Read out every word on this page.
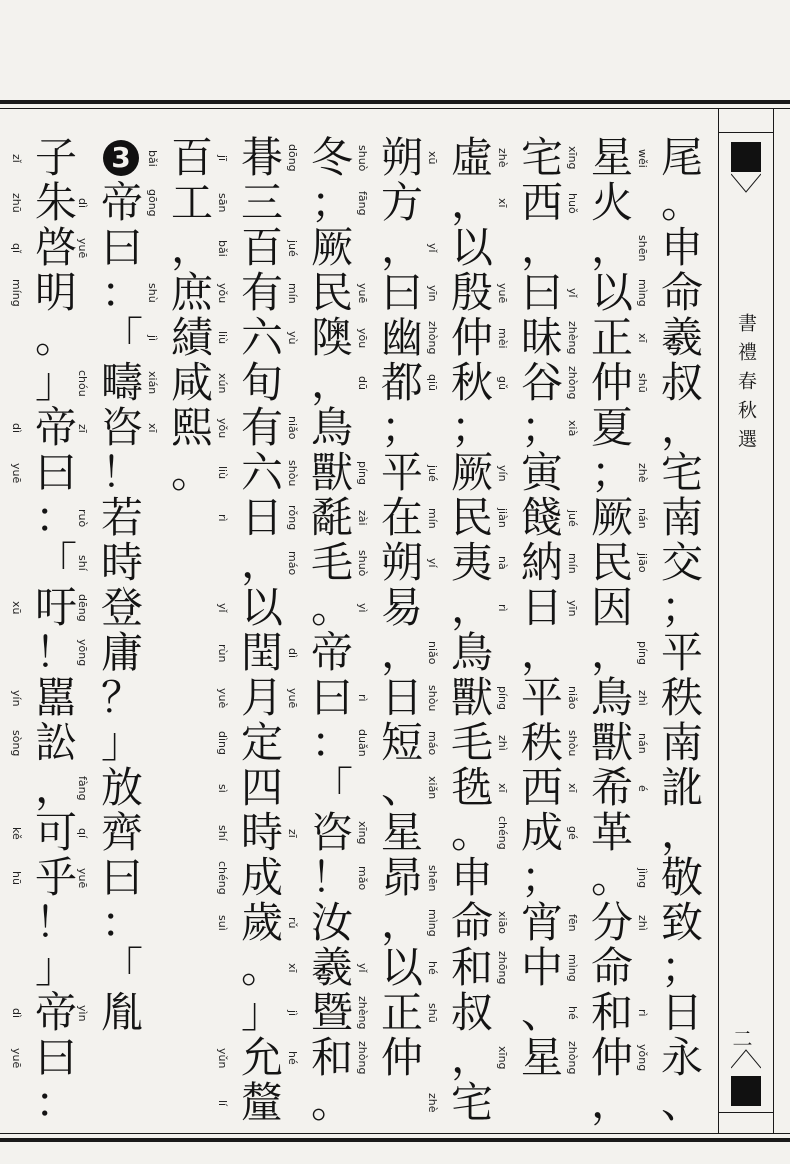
書禮春秋選
二
尾
wěi
。
申
shēn
命
mìng
羲
xī
叔
shū
，
宅
zhè
南
nán
交
jiāo
；
平
píng
秩
zhì
南
nán
訛
é
，
敬
jìng
致
zhì
；
日
rì
永
yǒng
、
星
xīng
火
huǒ
，
以
yǐ
正
zhèng
仲
zhòng
夏
xià
；
厥
jué
民
mín
因
yīn
，
鳥
niǎo
獸
shòu
希
xī
革
gé
。
分
fēn
命
mìng
和
hé
仲
zhòng
，
宅
zhè
西
xī
，
曰
yuē
昧
mèi
谷
gǔ
；
寅
yín
餞
jiàn
納
nà
日
rì
，
平
píng
秩
zhì
西
xī
成
chéng
；
宵
xiāo
中
zhōng
、
星
xīng
虛
xū
，
以
yǐ
殷
yīn
仲
zhòng
秋
qiū
；
厥
jué
民
mín
夷
yí
，
鳥
niǎo
獸
shòu
毛
máo
毨
xiǎn
。
申
shēn
命
mìng
和
hé
叔
shū
，
宅
zhè
朔
shuò
方
fāng
，
曰
yuē
幽
yōu
都
dū
；
平
píng
在
zài
朔
shuò
易
yì
，
日
rì
短
duǎn
、
星
xīng
昴
mǎo
，
以
yǐ
正
zhèng
仲
zhòng
冬
dōng
；
厥
jué
民
mín
隩
yù
，
鳥
niǎo
獸
shòu
氄
rǒng
毛
máo
。
帝
dì
曰
yuē
：
「
咨
zī
！
汝
rǔ
羲
xī
暨
jì
和
hé
。
朞
jī
三
sān
百
bǎi
有
yǒu
六
liù
旬
xún
有
yǒu
六
liù
日
rì
，
以
yǐ
閏
rùn
月
yuè
定
dìng
四
sì
時
shí
成
chéng
歲
suì
。
」
允
yǔn
釐
lí
百
bǎi
工
gōng
，
庶
shù
績
jì
咸
xián
熙
xī
。
3
帝
dì
曰
yuē
：
「
疇
chóu
咨
zī
！
若
ruò
時
shí
登
dēng
庸
yōng
？
」
放
fàng
齊
qí
曰
yuē
：
「
胤
yìn
子
zǐ
朱
zhū
啓
qǐ
明
míng
。
」
帝
dì
曰
yuē
：
「
吁
xū
！
嚚
yín
訟
sòng
，
可
kě
乎
hū
！
」
帝
dì
曰
yuē
：
